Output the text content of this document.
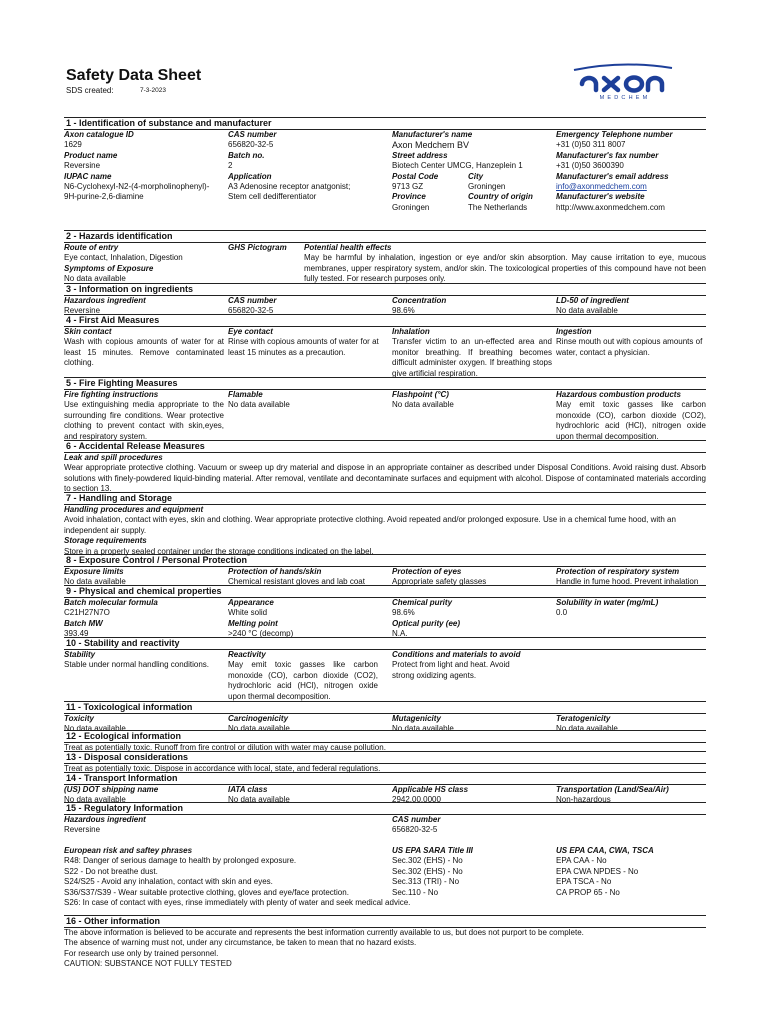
Safety Data Sheet
SDS created:	7-3-2023
MEDCHEM
1 - Identification of substance and manufacturer
Axon catalogue ID
1629
Product name
Reversine
IUPAC name
N6-Cyclohexyl-N2-(4-morpholinophenyl)-
9H-purine-2,6-diamine
CAS number
656820-32-5
Batch no.
2
Application
A3 Adenosine receptor anatgonist;
Stem cell dedifferentiator
Manufacturer's name
Axon Medchem BV
Street address
Biotech Center UMCG, Hanzeplein 1
Postal Code
9713 GZ
Province
Groningen
City
Groningen
Country of origin
The Netherlands
Emergency Telephone number
+31 (0)50 311 8007
Manufacturer's fax number
+31 (0)50 3600390
Manufacturer's email address
info@axonmedchem.com
Manufacturer's website
http://www.axonmedchem.com
2 - Hazards identification
Route of entry
Eye contact, Inhalation, Digestion
Symptoms of Exposure
No data available
GHS Pictogram	Potential health effects
May be harmful by inhalation, ingestion or eye and/or skin absorption. May cause irritation to eye, mucous membranes, upper respiratory system, and/or skin. The toxicological properties of this compound have not been fully tested. For research purposes only.
3 - Information on ingredients
Hazardous ingredient
Reversine
CAS number
656820-32-5
Concentration
98.6%
LD-50 of ingredient
No data available
4 - First Aid Measures
Skin contact
Wash with copious amounts of water for at least 15 minutes. Remove contaminated clothing.
Eye contact
Rinse with copious amounts of water for at least 15 minutes as a precaution.
Inhalation
Transfer victim to an un-effected area and monitor breathing. If breathing becomes difficult administer oxygen. If breathing stops give artificial respiration.
Ingestion
Rinse mouth out with copious amounts of water, contact a physician.
5 - Fire Fighting Measures
Fire fighting instructions
Use extinguishing media appropriate to the surrounding fire conditions. Wear protective clothing to prevent contact with skin,eyes, and respiratory system.
Flamable
No data available
Flashpoint (°C)
No data available
Hazardous combustion products
May emit toxic gasses like carbon monoxide (CO), carbon dioxide (CO2), hydrochloric acid (HCl), nitrogen oxide upon thermal decomposition.
6 - Accidental Release Measures
Leak and spill procedures
Wear appropriate protective clothing. Vacuum or sweep up dry material and dispose in an appropriate container as described under Disposal Conditions. Avoid raising dust. Absorb solutions with finely-powdered liquid-binding material. After removal, ventilate and decontaminate surfaces and equipment with alcohol. Dispose of contaminated materials according to section 13.
7 - Handling and Storage
Handling procedures and equipment
Avoid inhalation, contact with eyes, skin and clothing. Wear appropriate protective clothing. Avoid repeated and/or prolonged exposure. Use in a chemical fume hood, with an independent air supply.
Storage requirements
Store in a properly sealed container under the storage conditions indicated on the label.
8 - Exposure Control / Personal Protection
Exposure limits
No data available
Protection of hands/skin
Chemical resistant gloves and lab coat
Protection of eyes
Appropriate safety glasses
Protection of respiratory system
Handle in fume hood. Prevent inhalation
9 - Physical and chemical properties
Batch molecular formula
C21H27N7O
Batch MW
393.49
Appearance
White solid
Melting point
>240 °C (decomp)
Chemical purity
98.6%
Optical purity (ee)
N.A.
Solubility in water (mg/mL)
0.0
10 - Stability and reactivity
Stability
Stable under normal handling conditions.
Reactivity
May emit toxic gasses like carbon monoxide (CO), carbon dioxide (CO2), hydrochloric acid (HCl), nitrogen oxide upon thermal decomposition.
Conditions and materials to avoid
Protect from light and heat. Avoid strong oxidizing agents.
11 - Toxicological information
Toxicity
No data available
Carcinogenicity
No data available
Mutagenicity
No data available
Teratogenicity
No data available
12 - Ecological information
Treat as potentially toxic. Runoff from fire control or dilution with water may cause pollution.
13 - Disposal considerations
Treat as potentially toxic. Dispose in accordance with local, state, and federal regulations.
14 - Transport Information
(US) DOT shipping name
No data available
IATA class
No data available
Applicable HS class
2942.00.0000
Transportation (Land/Sea/Air)
Non-hazardous
15 - Regulatory Information
Hazardous ingredient
Reversine
CAS number
656820-32-5
European risk and saftey phrases
R48: Danger of serious damage to health by prolonged exposure.
S22 - Do not breathe dust.
S24/S25 - Avoid any inhalation, contact with skin and eyes.
S36/S37/S39 - Wear suitable protective clothing, gloves and eye/face protection.
S26: In case of contact with eyes, rinse immediately with plenty of water and seek medical advice.
US EPA SARA Title III
Sec.302 (EHS) - No
Sec.302 (EHS) - No
Sec.313 (TRI) - No
Sec.110 - No
US EPA CAA, CWA, TSCA
EPA CAA - No
EPA CWA NPDES - No
EPA TSCA - No
CA PROP 65 - No
16 - Other information
The above information is believed to be accurate and represents the best information currently available to us, but does not purport to be complete.
The absence of warning must not, under any circumstance, be taken to mean that no hazard exists.
For research use only by trained personnel.
CAUTION: SUBSTANCE NOT FULLY TESTED
